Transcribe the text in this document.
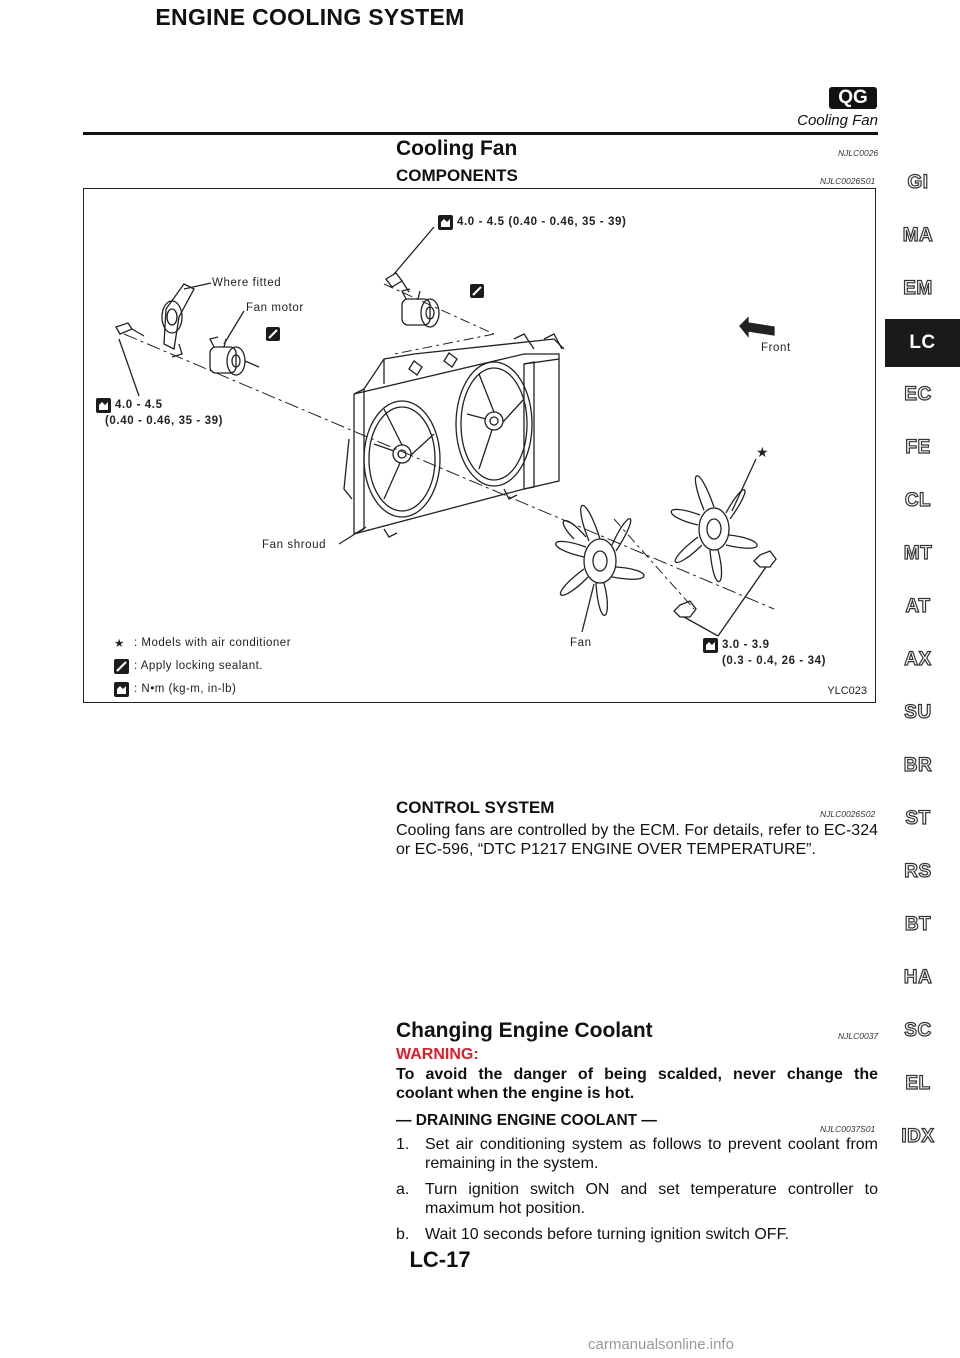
ENGINE COOLING SYSTEM
QG
Cooling Fan
Cooling Fan	NJLC0026
COMPONENTS	NJLC0026S01
★
4.0 - 4.5 (0.40 - 0.46, 35 - 39)
Where fitted
Fan motor
Front
4.0 - 4.5
(0.40 - 0.46, 35 - 39)
Fan shroud
Fan	3.0 - 3.9
(0.3 - 0.4, 26 - 34)
★ : Models with air conditioner
: Apply locking sealant.
: N•m (kg-m, in-lb)	YLC023
CONTROL SYSTEM	NJLC0026S02
Cooling fans are controlled by the ECM. For details, refer to EC-324 or EC-596, “DTC P1217 ENGINE OVER TEMPERATURE”.
Changing Engine Coolant	NJLC0037
WARNING:
To avoid the danger of being scalded, never change the coolant when the engine is hot.
— DRAINING ENGINE COOLANT —	NJLC0037S01
1. Set air conditioning system as follows to prevent coolant from remaining in the system.
a. Turn ignition switch ON and set temperature controller to maximum hot position.
b. Wait 10 seconds before turning ignition switch OFF.
GI
MA
EM
LC
EC
FE
CL
MT
AT
AX
SU
BR
ST
RS
BT
HA
SC
EL
IDX
LC-17
carmanualsonline.info
